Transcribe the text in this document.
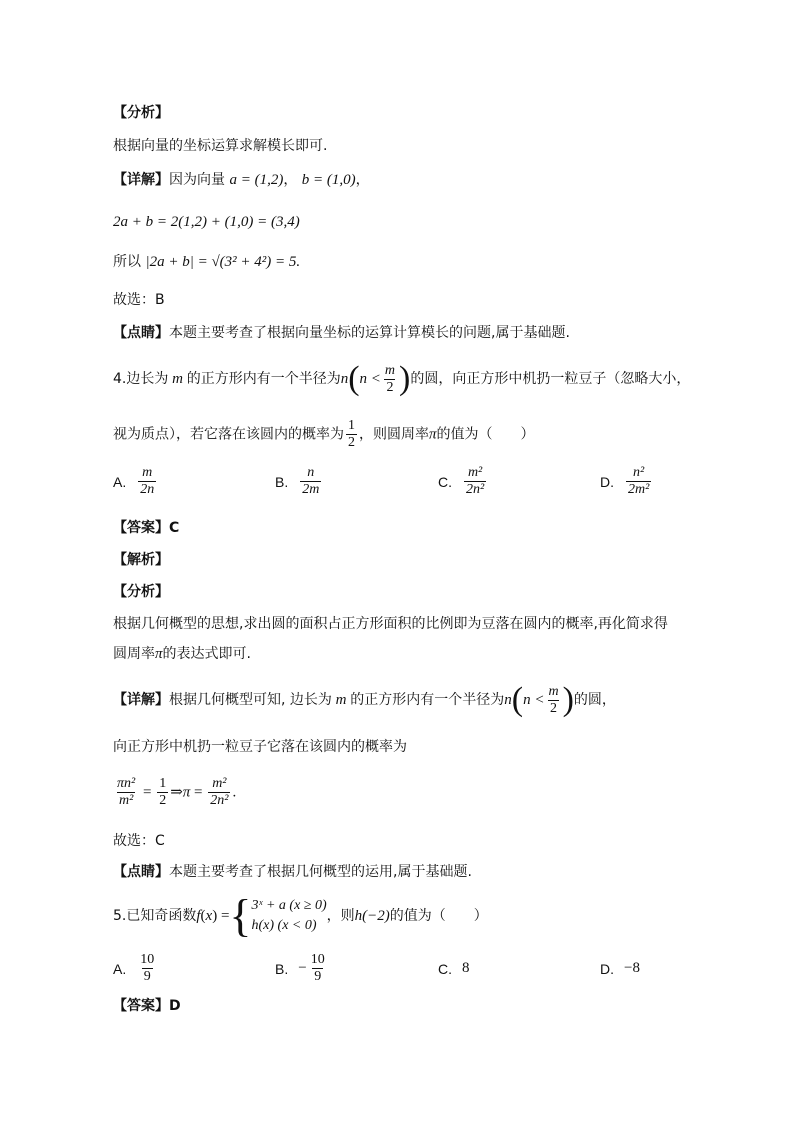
【分析】
根据向量的坐标运算求解模长即可.
【详解】因为向量 a = (1,2)， b = (1,0)，
2a + b = 2(1,2) + (1,0) = (3,4)
所以 |2a + b| = √(3² + 4²) = 5.
故选：B
【点睛】本题主要考查了根据向量坐标的运算计算模长的问题,属于基础题.
4.边长为 m 的正方形内有一个半径为$n(n < \frac{m}{2}$ )的圆，向正方形中机扔一粒豆子（忽略大小，
视为质点），若它落在该圆内的概率为 $\frac{1}{2}$ ，则圆周率π的值为（　　）
A. $\frac{m}{2n}$	B. $\frac{n}{2m}$	C. $\frac{\text{m²}}{\text{2n²}}$	D. $\frac{\text{n²}}{\text{2m²}}$
【答案】C
【解析】
【分析】
根据几何概型的思想,求出圆的面积占正方形面积的比例即为豆落在圆内的概率,再化简求得
圆周率π的表达式即可.
【详解】根据几何概型可知, 边长为 m 的正方形内有一个半径为$n(n < \frac{m}{2}$ )的圆，
向正方形中机扔一粒豆子它落在该圆内的概率为
$\frac{\text{πn²}}{\text{m²}} = \frac{1}{2}$ ⇒π = $\frac{\text{m²}}{\text{2n²}}$ .
故选：C
【点睛】本题主要考查了根据几何概型的运用,属于基础题.
5.已知奇函数f(x) ={ 3ˣ + a (x ≥ 0)
h(x) (x < 0)
，则h(−2)的值为（　　）
A. $\frac{10}{9}$	B. − $\frac{10}{9}$	C. 8	D. −8
【答案】D
